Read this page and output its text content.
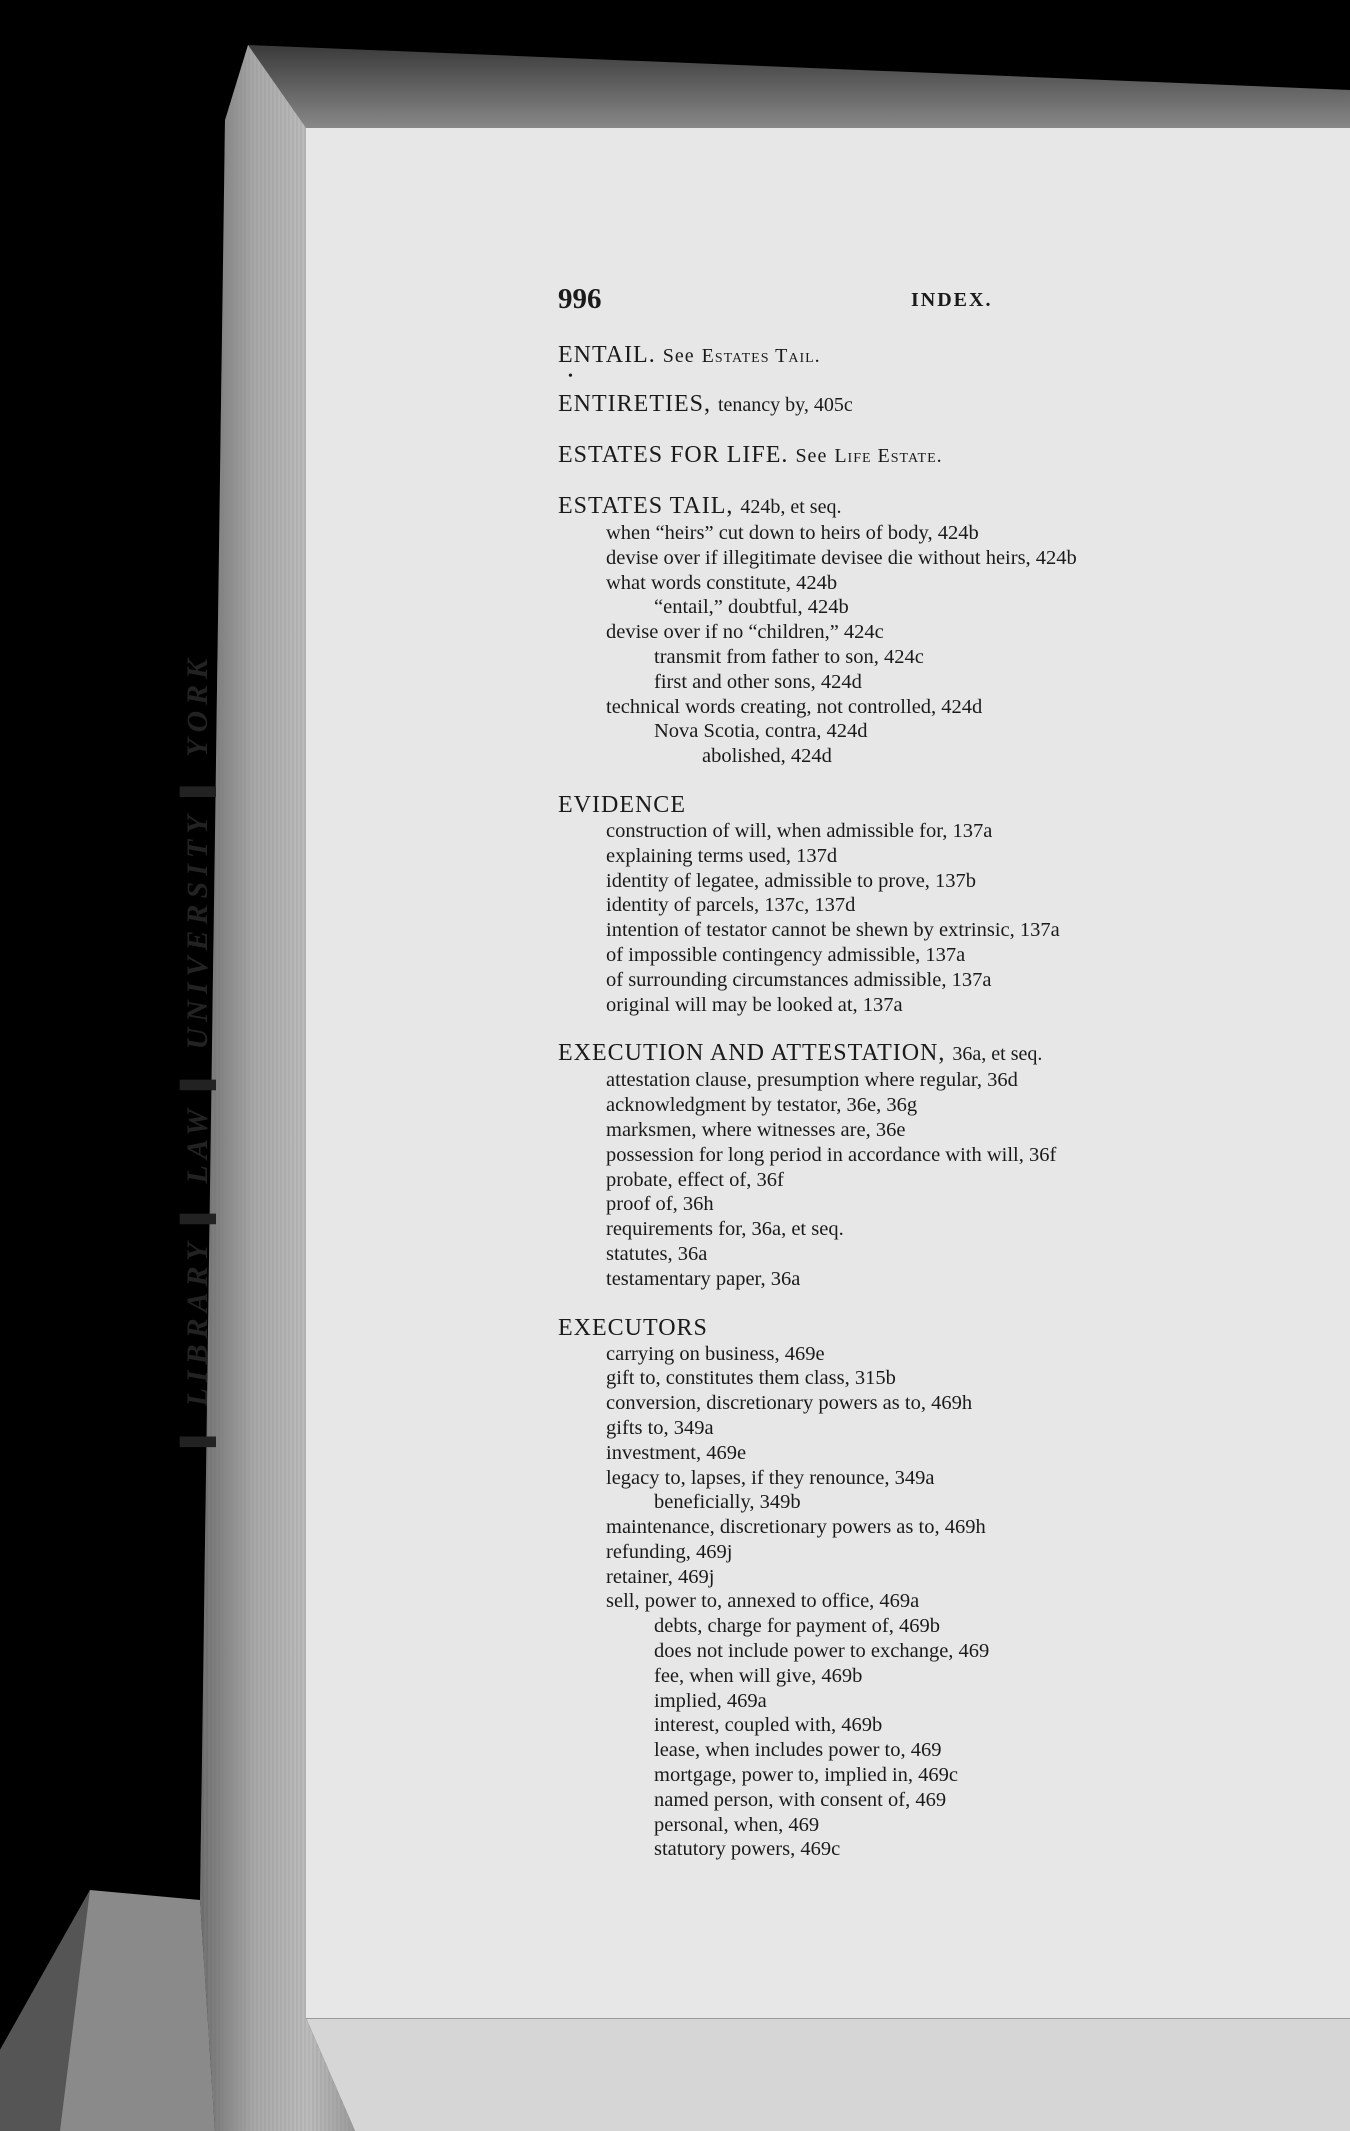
▌ LIBRARY ▌ LAW ▌ UNIVERSITY ▌ YORK
996	INDEX.
ENTAIL. See Estates Tail.
•
ENTIRETIES, tenancy by, 405c
ESTATES FOR LIFE. See Life Estate.
ESTATES TAIL, 424b, et seq.
when “heirs” cut down to heirs of body, 424b
devise over if illegitimate devisee die without heirs, 424b
what words constitute, 424b
“entail,” doubtful, 424b
devise over if no “children,” 424c
transmit from father to son, 424c
first and other sons, 424d
technical words creating, not controlled, 424d
Nova Scotia, contra, 424d
abolished, 424d
EVIDENCE
construction of will, when admissible for, 137a
explaining terms used, 137d
identity of legatee, admissible to prove, 137b
identity of parcels, 137c, 137d
intention of testator cannot be shewn by extrinsic, 137a
of impossible contingency admissible, 137a
of surrounding circumstances admissible, 137a
original will may be looked at, 137a
EXECUTION AND ATTESTATION, 36a, et seq.
attestation clause, presumption where regular, 36d
acknowledgment by testator, 36e, 36g
marksmen, where witnesses are, 36e
possession for long period in accordance with will, 36f
probate, effect of, 36f
proof of, 36h
requirements for, 36a, et seq.
statutes, 36a
testamentary paper, 36a
EXECUTORS
carrying on business, 469e
gift to, constitutes them class, 315b
conversion, discretionary powers as to, 469h
gifts to, 349a
investment, 469e
legacy to, lapses, if they renounce, 349a
beneficially, 349b
maintenance, discretionary powers as to, 469h
refunding, 469j
retainer, 469j
sell, power to, annexed to office, 469a
debts, charge for payment of, 469b
does not include power to exchange, 469
fee, when will give, 469b
implied, 469a
interest, coupled with, 469b
lease, when includes power to, 469
mortgage, power to, implied in, 469c
named person, with consent of, 469
personal, when, 469
statutory powers, 469c
